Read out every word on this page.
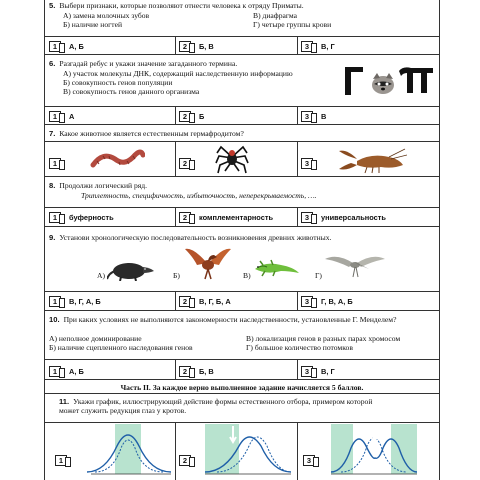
5. Выбери признаки, которые позволяют отнести человека к отряду Приматы.
А) замена молочных зубов	В) диафрагма
Б) наличие ногтей	Г) четыре группы крови
1	А, Б	2	Б, В	3	В, Г
6. Разгадай ребус и укажи значение загаданного термина.
А) участок молекулы ДНК, содержащий наследственную информацию
Б) совокупность генов популяции
В) совокупность генов данного организма
1	А	2	Б	3	В
7. Какое животное является естественным гермафродитом?
1	2	3
8. Продолжи логический ряд.
Триплетность, специфичность, избыточность, неперекрываемость, ….
1	буферность	2	комплементарность	3	универсальность
9. Установи хронологическую последовательность возникновения древних животных.
А)	Б)	В)	Г)
1	В, Г, А, Б	2	В, Г, Б, А	3	Г, В, А, Б
10. При каких условиях не выполняются закономерности наследственности, установленные Г. Менделем?
А) неполное доминирование	В) локализация генов в разных парах хромосом
Б) наличие сцепленного наследования генов	Г) большое количество потомков
1	А, Б	2	Б, В	3	В, Г
Часть II. За каждое верно выполненное задание начисляется 5 баллов.
11. Укажи график, иллюстрирующий действие формы естественного отбора, примером которой может служить редукция глаз у кротов.
1	2	3
